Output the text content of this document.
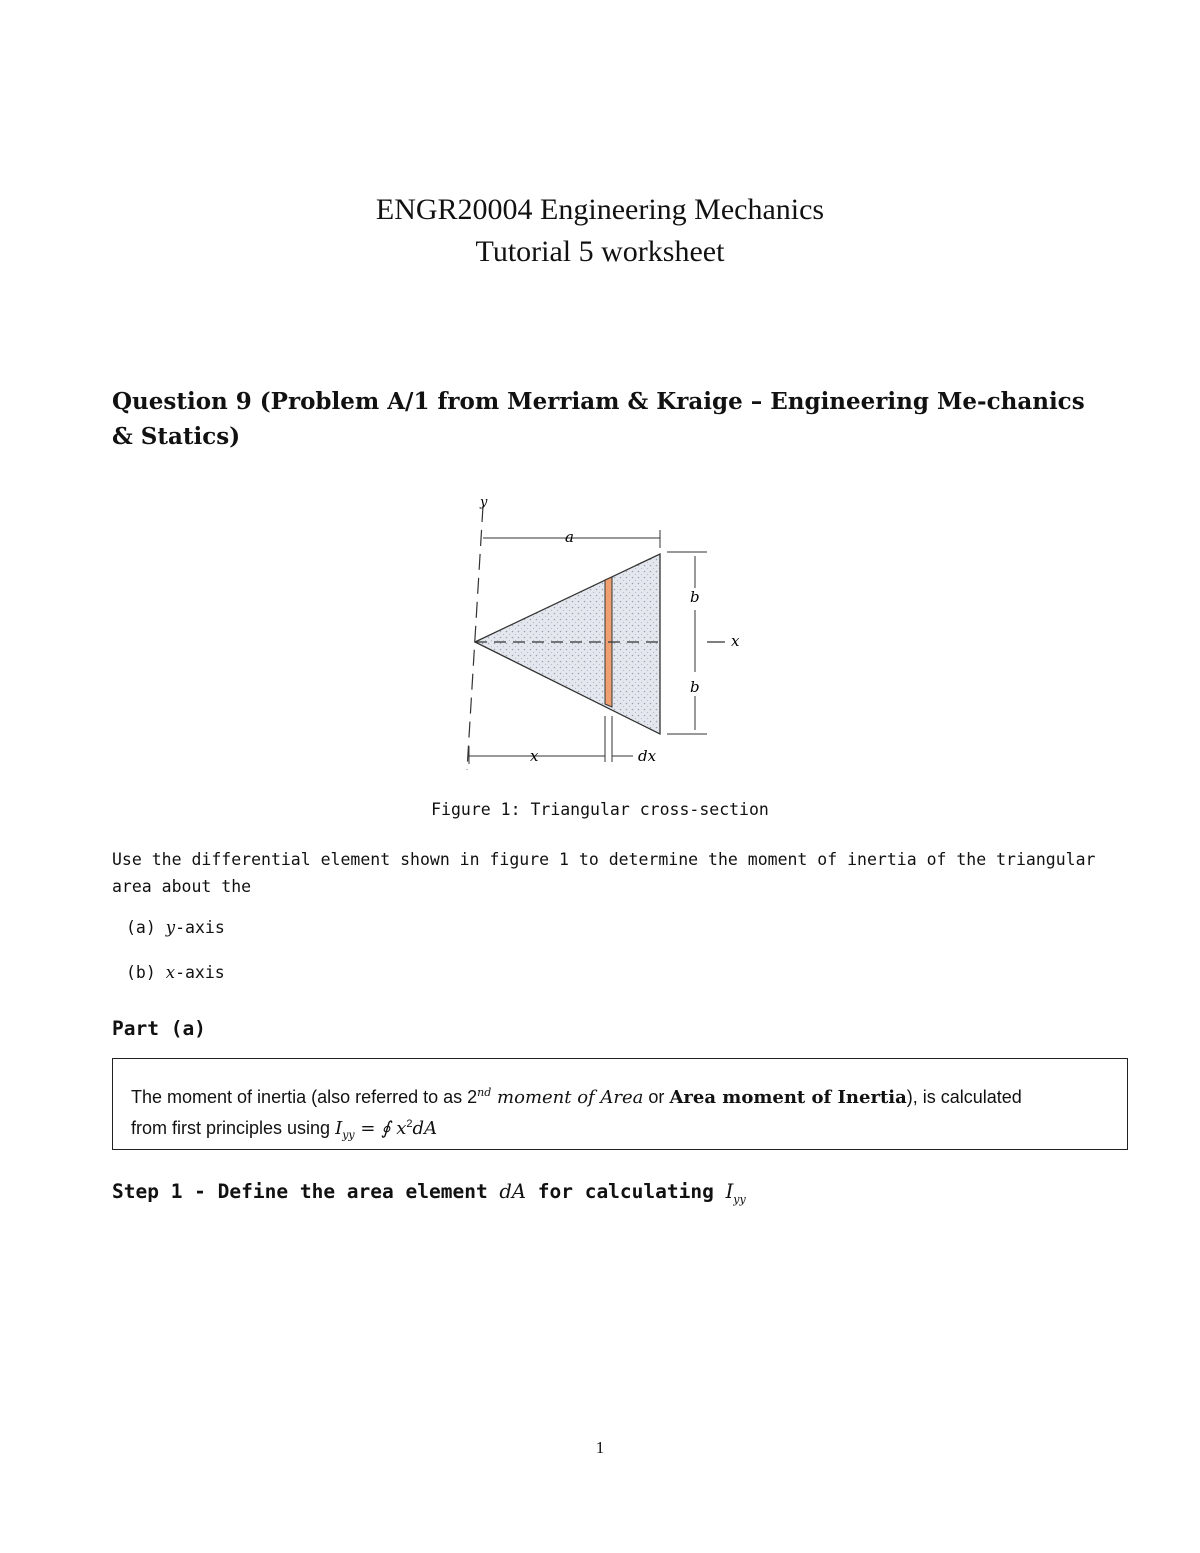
ENGR20004 Engineering Mechanics
Tutorial 5 worksheet
Question 9 (Problem A/1 from Merriam & Kraige – Engineering Me-chanics & Statics)
y
a
b
b
x
x	dx
Figure 1: Triangular cross-section
Use the differential element shown in figure 1 to determine the moment of inertia of the triangular area about the
(a) y-axis
(b) x-axis
Part (a)
The moment of inertia (also referred to as 2nd moment of Area or Area moment of Inertia), is calculated
from first principles using $I_{yy}$ = ∮ $x^2dA$
Step 1 - Define the area element dA for calculating $I_{yy}$
1
